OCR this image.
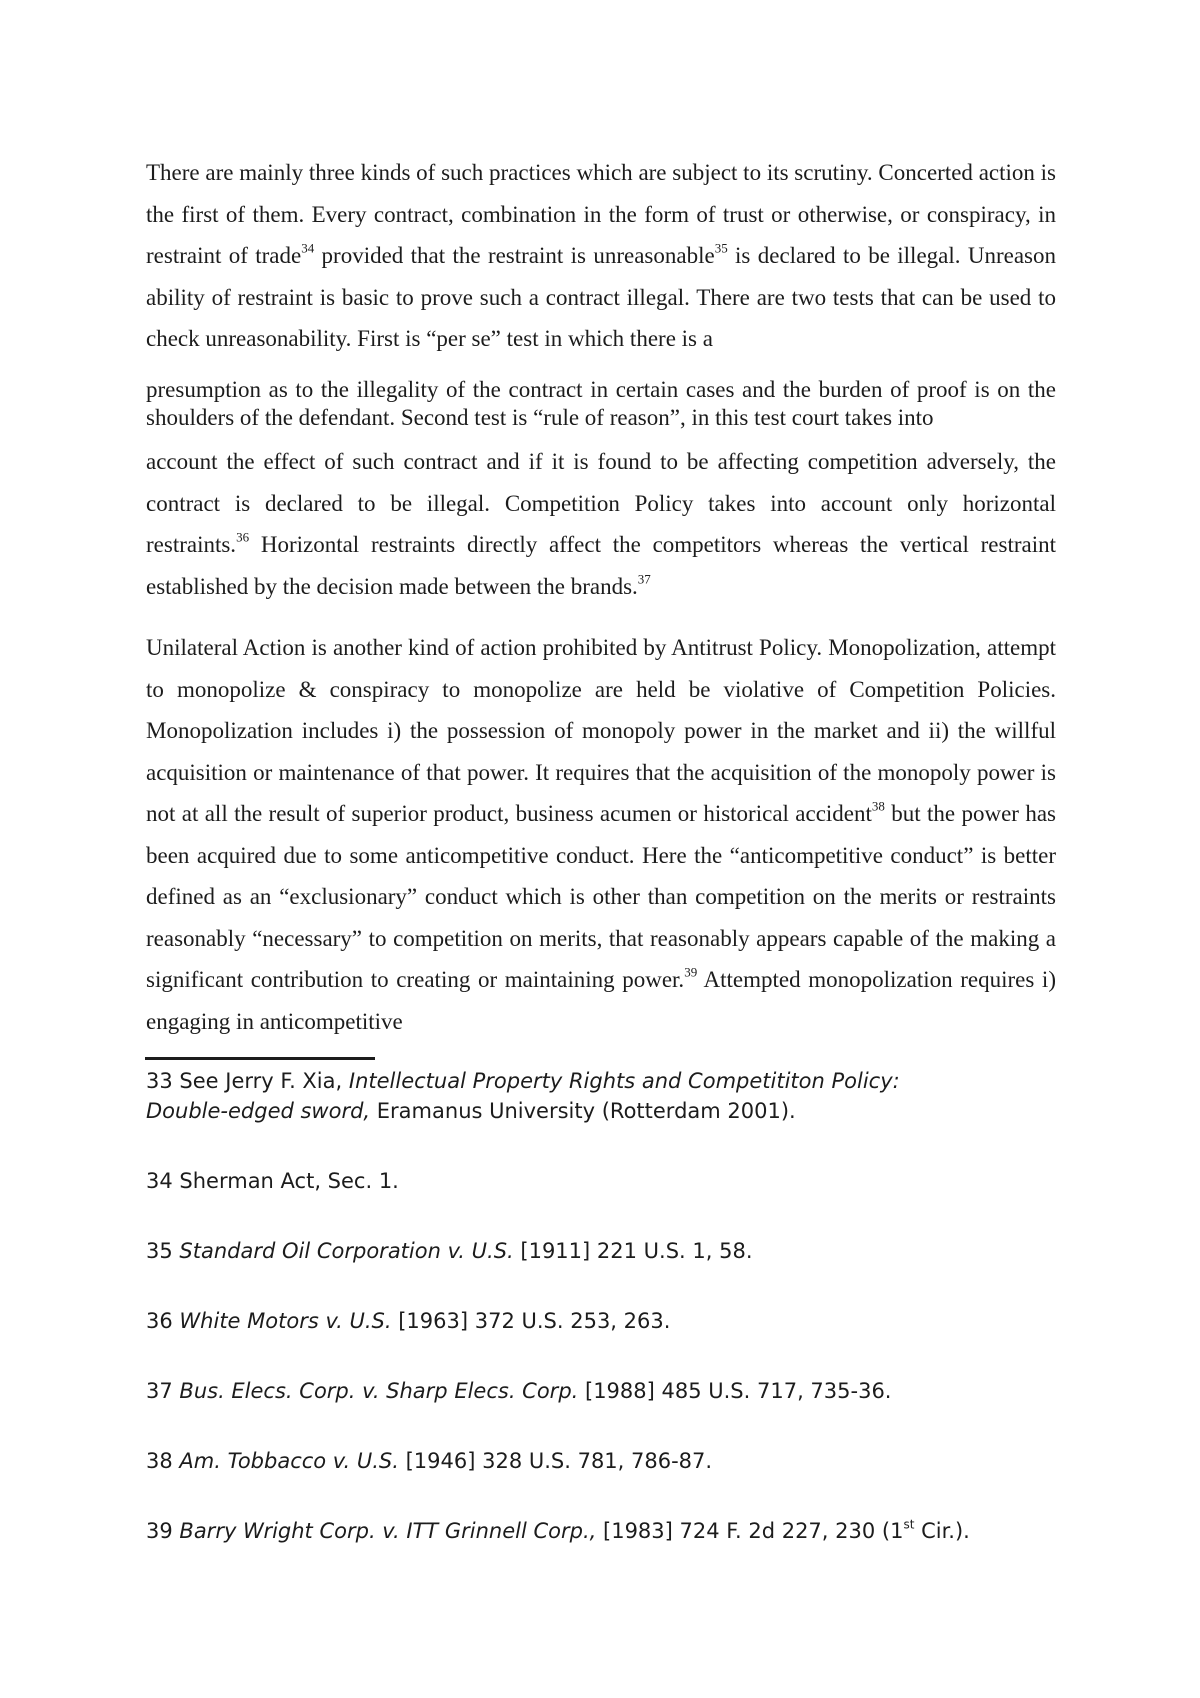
There are mainly three kinds of such practices which are subject to its scrutiny. Concerted action is the first of them. Every contract, combination in the form of trust or otherwise, or conspiracy, in restraint of trade$^{34}$ provided that the restraint is unreasonable$^{35}$ is declared to be illegal. Unreason ability of restraint is basic to prove such a contract illegal. There are two tests that can be used to check unreasonability. First is “per se” test in which there is a

presumption as to the illegality of the contract in certain cases and the burden of proof is on the shoulders of the defendant. Second test is “rule of reason”, in this test court takes into

account the effect of such contract and if it is found to be affecting competition adversely, the contract is declared to be illegal. Competition Policy takes into account only horizontal restraints.$^{36}$ Horizontal restraints directly affect the competitors whereas the vertical restraint established by the decision made between the brands.$^{37}$

Unilateral Action is another kind of action prohibited by Antitrust Policy. Monopolization, attempt to monopolize & conspiracy to monopolize are held be violative of Competition Policies. Monopolization includes i) the possession of monopoly power in the market and ii) the willful acquisition or maintenance of that power. It requires that the acquisition of the monopoly power is not at all the result of superior product, business acumen or historical accident$^{38}$ but the power has been acquired due to some anticompetitive conduct. Here the “anticompetitive conduct” is better defined as an “exclusionary” conduct which is other than competition on the merits or restraints reasonably “necessary” to competition on merits, that reasonably appears capable of the making a significant contribution to creating or maintaining power.$^{39}$ Attempted monopolization requires i) engaging in anticompetitive

33 See Jerry F. Xia, Intellectual Property Rights and Competititon Policy:
Double-edged sword, Eramanus University (Rotterdam 2001).

34 Sherman Act, Sec. 1.

35 Standard Oil Corporation v. U.S. [1911] 221 U.S. 1, 58.

36 White Motors v. U.S. [1963] 372 U.S. 253, 263.

37 Bus. Elecs. Corp. v. Sharp Elecs. Corp. [1988] 485 U.S. 717, 735-36.

38 Am. Tobbacco v. U.S. [1946] 328 U.S. 781, 786-87.

39 Barry Wright Corp. v. ITT Grinnell Corp., [1983] 724 F. 2d 227, 230 (1st Cir.).
